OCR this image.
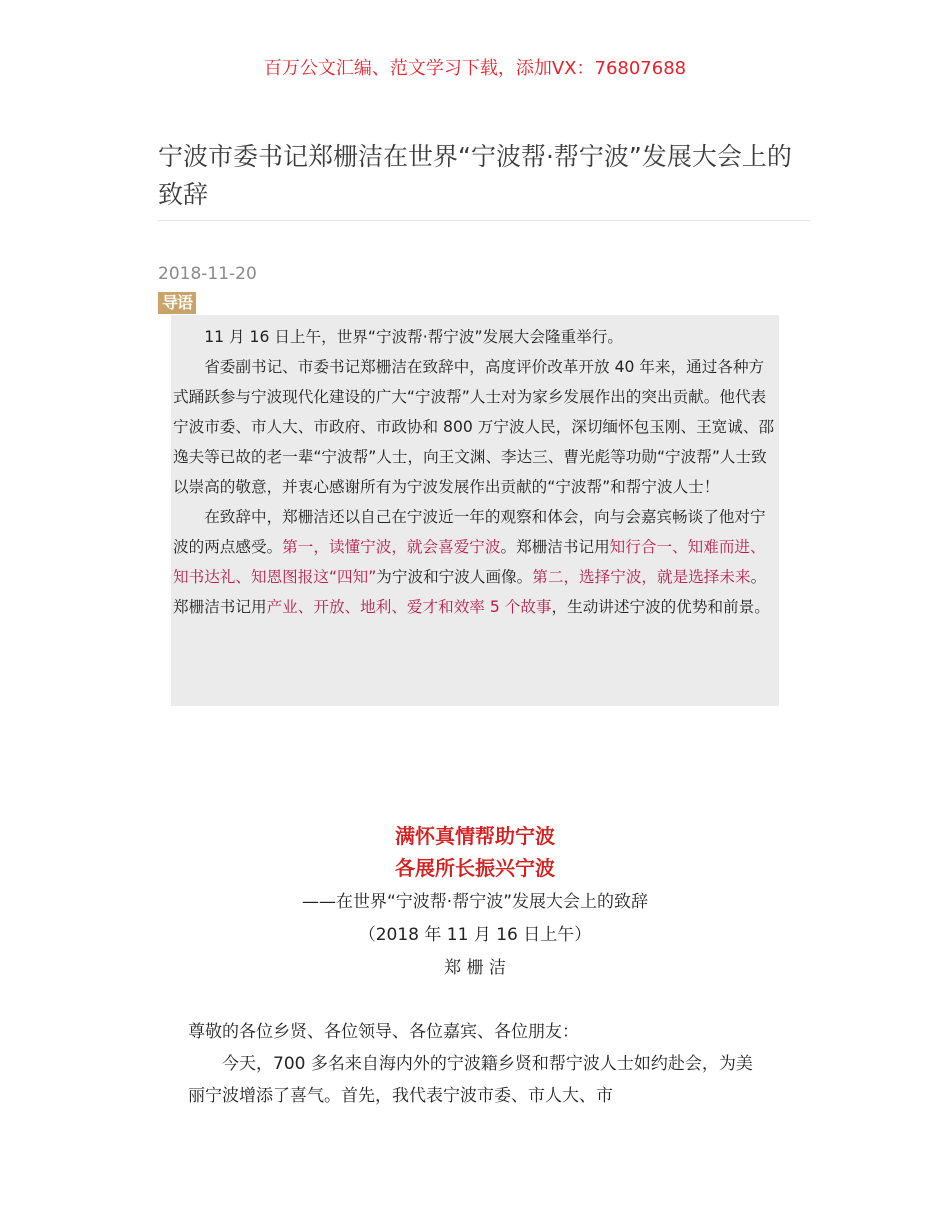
百万公文汇编、范文学习下载，添加VX：76807688
宁波市委书记郑栅洁在世界“宁波帮·帮宁波”发展大会上的致辞
2018-11-20
导语

11 月 16 日上午，世界“宁波帮·帮宁波”发展大会隆重举行。

省委副书记、市委书记郑栅洁在致辞中，高度评价改革开放 40 年来，通过各种方式踊跃参与宁波现代化建设的广大“宁波帮”人士对为家乡发展作出的突出贡献。他代表宁波市委、市人大、市政府、市政协和 800 万宁波人民，深切缅怀包玉刚、王宽诚、邵逸夫等已故的老一辈“宁波帮”人士，向王文渊、李达三、曹光彪等功勋“宁波帮”人士致以崇高的敬意，并衷心感谢所有为宁波发展作出贡献的“宁波帮”和帮宁波人士！

在致辞中，郑栅洁还以自己在宁波近一年的观察和体会，向与会嘉宾畅谈了他对宁波的两点感受。第一，读懂宁波，就会喜爱宁波。郑栅洁书记用知行合一、知难而进、知书达礼、知恩图报这“四知”为宁波和宁波人画像。第二，选择宁波，就是选择未来。郑栅洁书记用产业、开放、地利、爱才和效率 5 个故事，生动讲述宁波的优势和前景。

满怀真情帮助宁波
各展所长振兴宁波
——在世界“宁波帮·帮宁波”发展大会上的致辞
（2018 年 11 月 16 日上午）
郑 栅 洁

尊敬的各位乡贤、各位领导、各位嘉宾、各位朋友：

今天，700 多名来自海内外的宁波籍乡贤和帮宁波人士如约赴会，为美丽宁波增添了喜气。首先，我代表宁波市委、市人大、市
